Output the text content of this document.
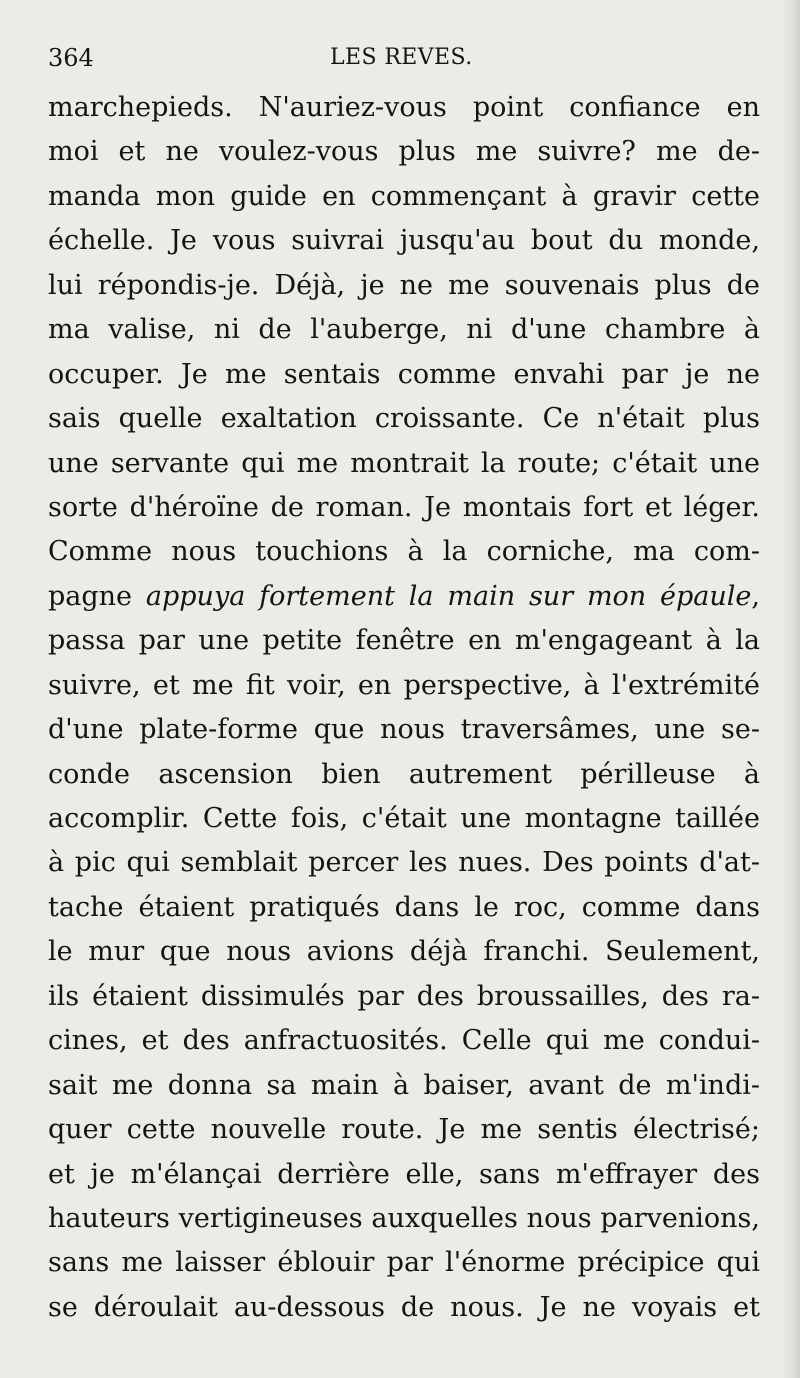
364	LES REVES.
marchepieds. N'auriez-vous point confiance en
moi et ne voulez-vous plus me suivre? me de-
manda mon guide en commençant à gravir cette
échelle. Je vous suivrai jusqu'au bout du monde,
lui répondis-je. Déjà, je ne me souvenais plus de
ma valise, ni de l'auberge, ni d'une chambre à
occuper. Je me sentais comme envahi par je ne
sais quelle exaltation croissante. Ce n'était plus
une servante qui me montrait la route; c'était une
sorte d'héroïne de roman. Je montais fort et léger.
Comme nous touchions à la corniche, ma com-
pagne appuya fortement la main sur mon épaule,
passa par une petite fenêtre en m'engageant à la
suivre, et me fit voir, en perspective, à l'extrémité
d'une plate-forme que nous traversâmes, une se-
conde ascension bien autrement périlleuse à
accomplir. Cette fois, c'était une montagne taillée
à pic qui semblait percer les nues. Des points d'at-
tache étaient pratiqués dans le roc, comme dans
le mur que nous avions déjà franchi. Seulement,
ils étaient dissimulés par des broussailles, des ra-
cines, et des anfractuosités. Celle qui me condui-
sait me donna sa main à baiser, avant de m'indi-
quer cette nouvelle route. Je me sentis électrisé;
et je m'élançai derrière elle, sans m'effrayer des
hauteurs vertigineuses auxquelles nous parvenions,
sans me laisser éblouir par l'énorme précipice qui
se déroulait au-dessous de nous. Je ne voyais et
